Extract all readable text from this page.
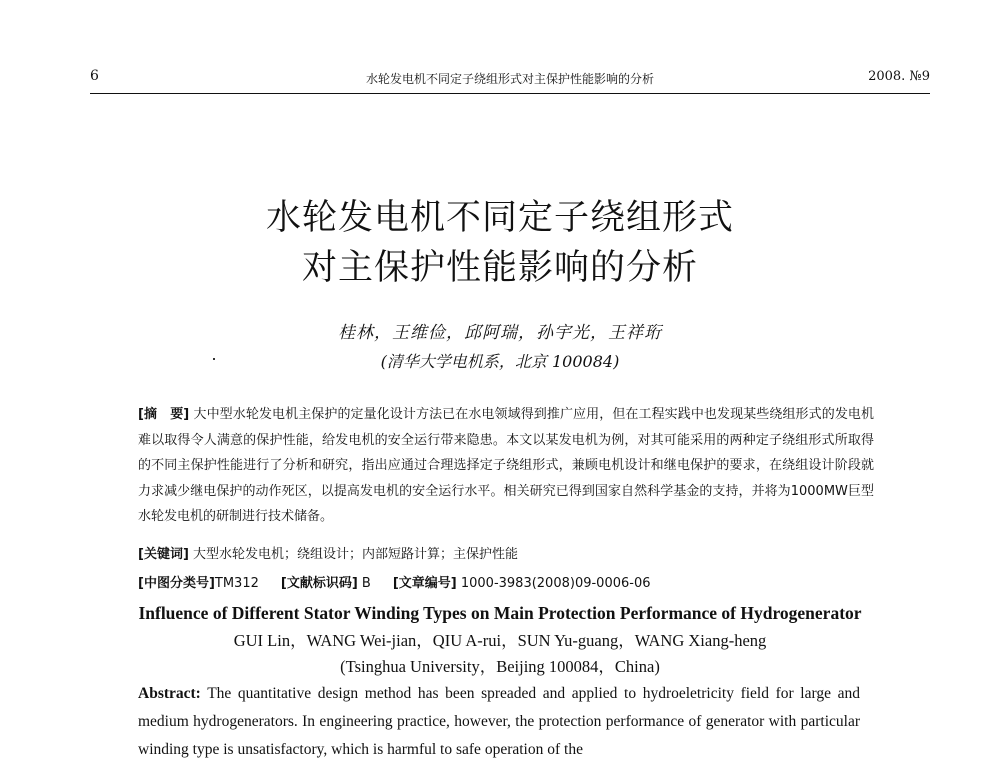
6	水轮发电机不同定子绕组形式对主保护性能影响的分析	2008. №9
水轮发电机不同定子绕组形式
对主保护性能影响的分析
桂林，王维俭，邱阿瑞，孙宇光，王祥珩
(清华大学电机系，北京 100084)
[摘　要] 大中型水轮发电机主保护的定量化设计方法已在水电领域得到推广应用，但在工程实践中也发现某些绕组形式的发电机难以取得令人满意的保护性能，给发电机的安全运行带来隐患。本文以某发电机为例，对其可能采用的两种定子绕组形式所取得的不同主保护性能进行了分析和研究，指出应通过合理选择定子绕组形式，兼顾电机设计和继电保护的要求，在绕组设计阶段就力求减少继电保护的动作死区，以提高发电机的安全运行水平。相关研究已得到国家自然科学基金的支持，并将为1000MW巨型水轮发电机的研制进行技术储备。
[关键词] 大型水轮发电机；绕组设计；内部短路计算；主保护性能
[中图分类号]TM312 [文献标识码] B [文章编号] 1000-3983(2008)09-0006-06
Influence of Different Stator Winding Types on Main Protection Performance of Hydrogenerator
GUI Lin，WANG Wei-jian，QIU A-rui，SUN Yu-guang，WANG Xiang-heng
(Tsinghua University，Beijing 100084，China)
Abstract: The quantitative design method has been spreaded and applied to hydroeletricity field for large and medium hydrogenerators. In engineering practice, however, the protection performance of generator with particular winding type is unsatisfactory, which is harmful to safe operation of the
